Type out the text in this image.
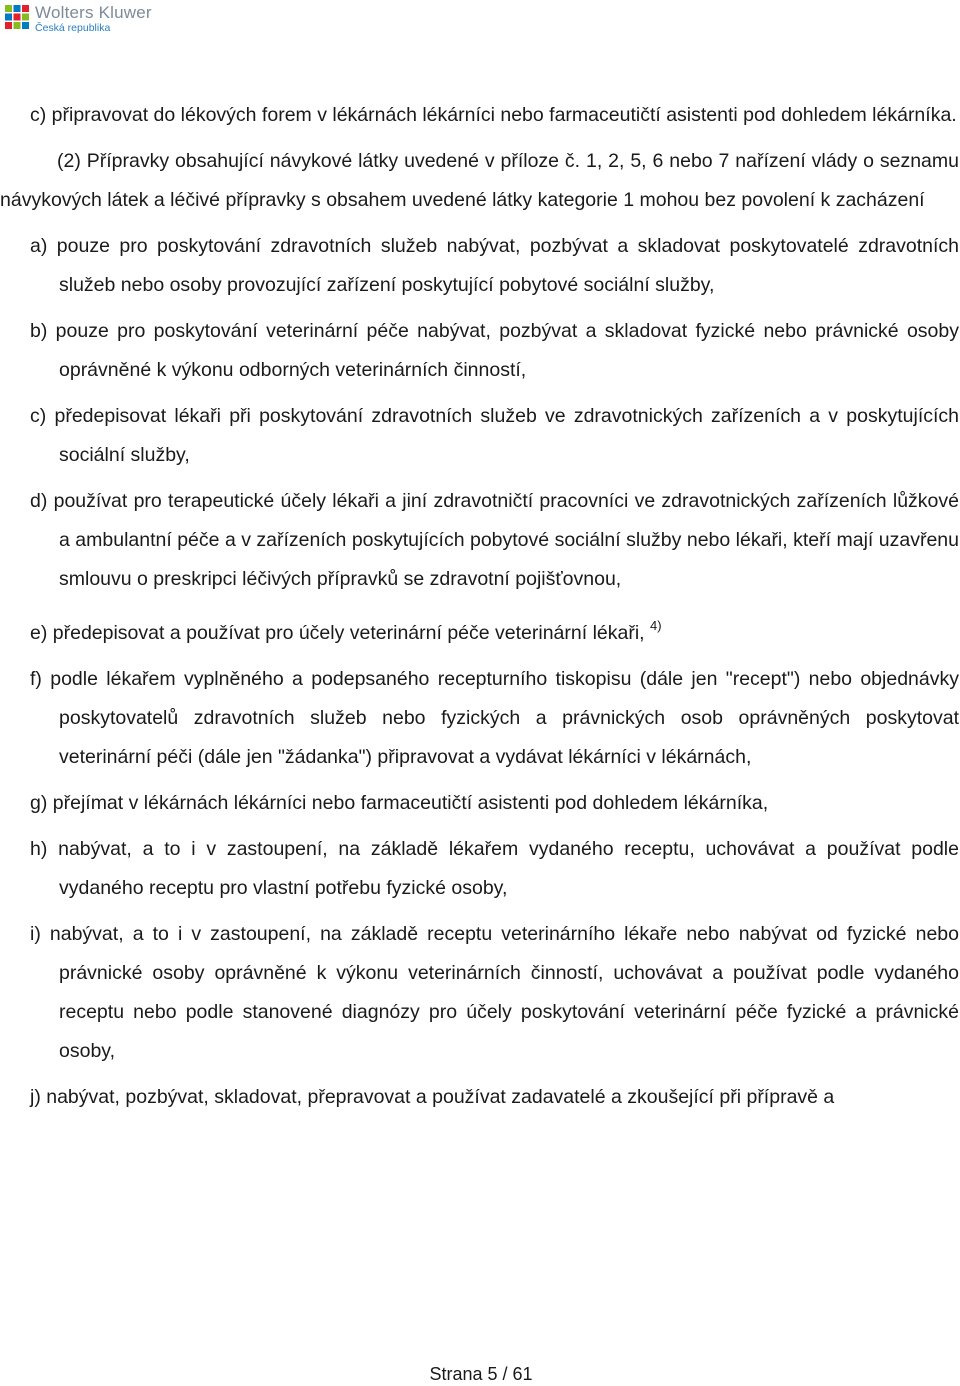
Wolters Kluwer
Česká republika

c) připravovat do lékových forem v lékárnách lékárníci nebo farmaceutičtí asistenti pod dohledem lékárníka.

(2) Přípravky obsahující návykové látky uvedené v příloze č. 1, 2, 5, 6 nebo 7 nařízení vlády o seznamu návykových látek a léčivé přípravky s obsahem uvedené látky kategorie 1 mohou bez povolení k zacházení

a) pouze pro poskytování zdravotních služeb nabývat, pozbývat a skladovat poskytovatelé zdravotních služeb nebo osoby provozující zařízení poskytující pobytové sociální služby,

b) pouze pro poskytování veterinární péče nabývat, pozbývat a skladovat fyzické nebo právnické osoby oprávněné k výkonu odborných veterinárních činností,

c) předepisovat lékaři při poskytování zdravotních služeb ve zdravotnických zařízeních a v poskytujících sociální služby,

d) používat pro terapeutické účely lékaři a jiní zdravotničtí pracovníci ve zdravotnických zařízeních lůžkové a ambulantní péče a v zařízeních poskytujících pobytové sociální služby nebo lékaři, kteří mají uzavřenu smlouvu o preskripci léčivých přípravků se zdravotní pojišťovnou,

e) předepisovat a používat pro účely veterinární péče veterinární lékaři, $^{4)}$

f) podle lékařem vyplněného a podepsaného recepturního tiskopisu (dále jen "recept") nebo objednávky poskytovatelů zdravotních služeb nebo fyzických a právnických osob oprávněných poskytovat veterinární péči (dále jen "žádanka") připravovat a vydávat lékárníci v lékárnách,

g) přejímat v lékárnách lékárníci nebo farmaceutičtí asistenti pod dohledem lékárníka,

h) nabývat, a to i v zastoupení, na základě lékařem vydaného receptu, uchovávat a používat podle vydaného receptu pro vlastní potřebu fyzické osoby,

i) nabývat, a to i v zastoupení, na základě receptu veterinárního lékaře nebo nabývat od fyzické nebo právnické osoby oprávněné k výkonu veterinárních činností, uchovávat a používat podle vydaného receptu nebo podle stanovené diagnózy pro účely poskytování veterinární péče fyzické a právnické osoby,

j) nabývat, pozbývat, skladovat, přepravovat a používat zadavatelé a zkoušející při přípravě a

Strana 5 / 61
